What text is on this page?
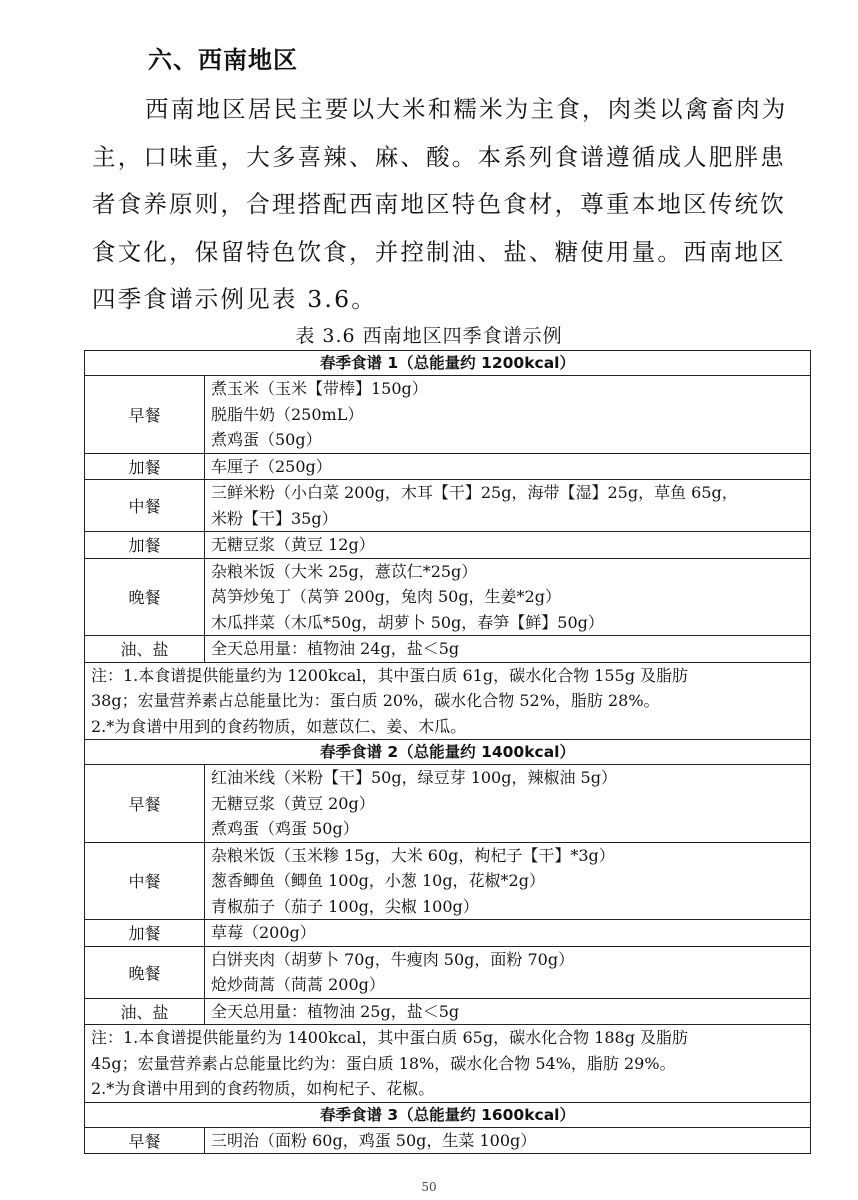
六、西南地区
西南地区居民主要以大米和糯米为主食，肉类以禽畜肉为
主，口味重，大多喜辣、麻、酸。本系列食谱遵循成人肥胖患
者食养原则，合理搭配西南地区特色食材，尊重本地区传统饮
食文化，保留特色饮食，并控制油、盐、糖使用量。西南地区
四季食谱示例见表 3.6。
表 3.6 西南地区四季食谱示例
春季食谱 1（总能量约 1200kcal）	
早餐	煮玉米（玉米【带棒】150g）
脱脂牛奶（250mL）
煮鸡蛋（50g）

加餐	车厘子（250g）

中餐	三鲜米粉（小白菜 200g，木耳【干】25g，海带【湿】25g，草鱼 65g，
米粉【干】35g）

加餐	无糖豆浆（黄豆 12g）

晚餐	杂粮米饭（大米 25g，薏苡仁*25g）
莴笋炒兔丁（莴笋 200g，兔肉 50g，生姜*2g）
木瓜拌菜（木瓜*50g，胡萝卜 50g，春笋【鲜】50g）

油、盐	全天总用量：植物油 24g，盐＜5g

注：1.本食谱提供能量约为 1200kcal，其中蛋白质 61g，碳水化合物 155g 及脂肪
38g；宏量营养素占总能量比为：蛋白质 20%，碳水化合物 52%，脂肪 28%。
2.*为食谱中用到的食药物质，如薏苡仁、姜、木瓜。	

春季食谱 2（总能量约 1400kcal）	
早餐	红油米线（米粉【干】50g，绿豆芽 100g，辣椒油 5g）
无糖豆浆（黄豆 20g）
煮鸡蛋（鸡蛋 50g）

中餐	杂粮米饭（玉米糁 15g，大米 60g，枸杞子【干】*3g）
葱香鲫鱼（鲫鱼 100g，小葱 10g，花椒*2g）
青椒茄子（茄子 100g，尖椒 100g）

加餐	草莓（200g）

晚餐	白饼夹肉（胡萝卜 70g，牛瘦肉 50g，面粉 70g）
炝炒茼蒿（茼蒿 200g）

油、盐	全天总用量：植物油 25g，盐＜5g

注：1.本食谱提供能量约为 1400kcal，其中蛋白质 65g，碳水化合物 188g 及脂肪
45g；宏量营养素占总能量比约为：蛋白质 18%，碳水化合物 54%，脂肪 29%。
2.*为食谱中用到的食药物质，如枸杞子、花椒。	

春季食谱 3（总能量约 1600kcal）	
早餐	三明治（面粉 60g，鸡蛋 50g，生菜 100g）
50
